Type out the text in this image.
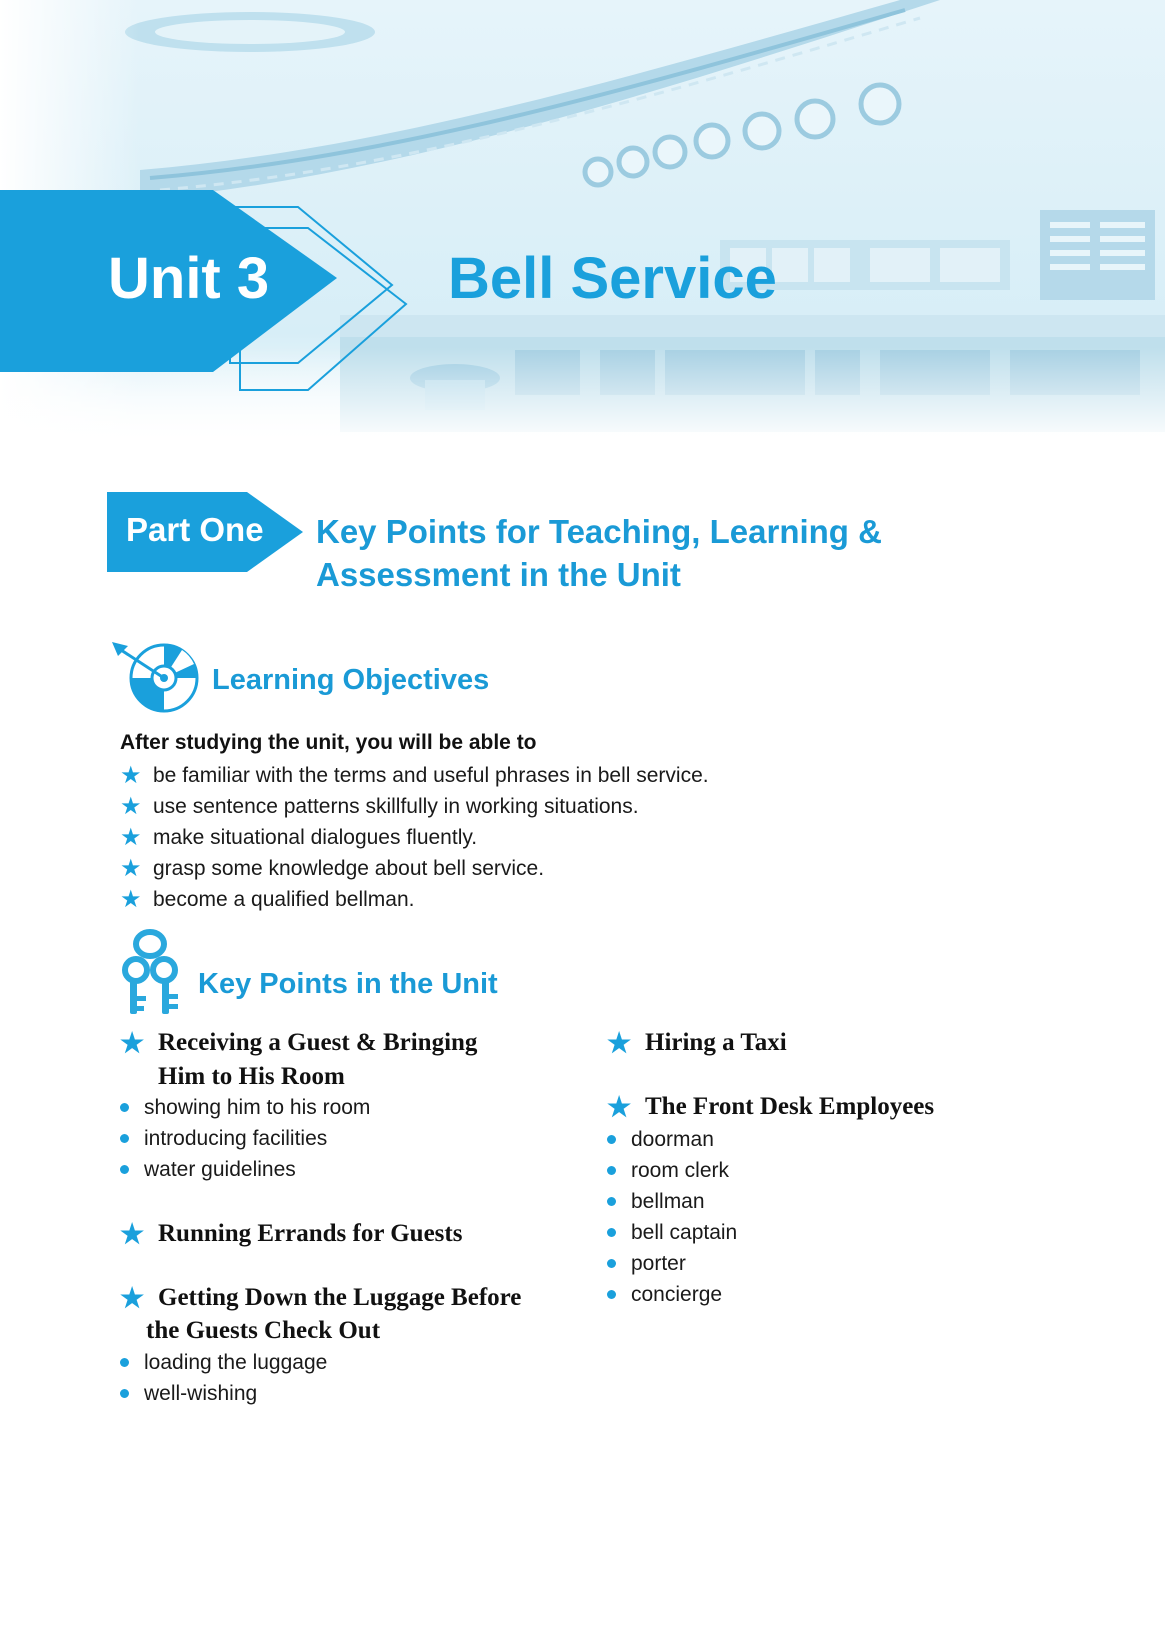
Unit 3	Bell Service
Part One Key Points for Teaching, Learning &
Assessment in the Unit
Learning Objectives
After studying the unit, you will be able to
★ be familiar with the terms and useful phrases in bell service.
★ use sentence patterns skillfully in working situations.
★ make situational dialogues fluently.
★ grasp some knowledge about bell service.
★ become a qualified bellman.
Key Points in the Unit
★ Receiving a Guest & Bringing
Him to His Room
showing him to his room
introducing facilities
water guidelines
★ Running Errands for Guests
★ Getting Down the Luggage Before
the Guests Check Out
loading the luggage
well-wishing
★ Hiring a Taxi
★ The Front Desk Employees
doorman
room clerk
bellman
bell captain
porter
concierge
